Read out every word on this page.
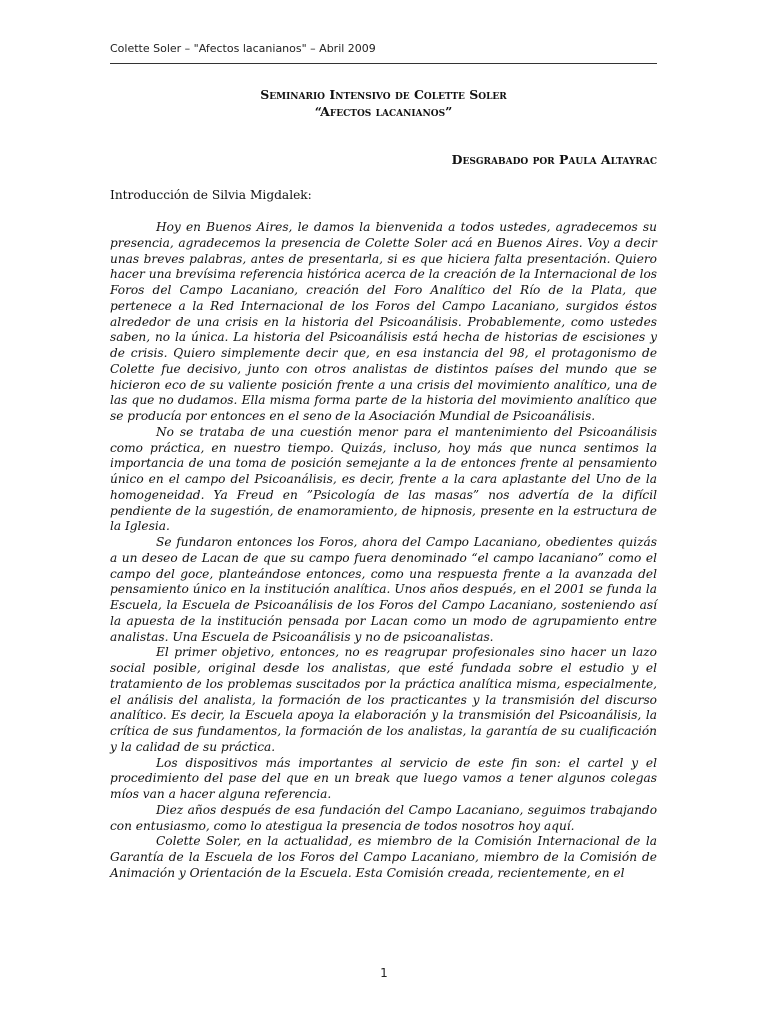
Colette Soler – "Afectos lacanianos" – Abril 2009
Seminario Intensivo de Colette Soler
“Afectos lacanianos”
Desgrabado por Paula Altayrac
Introducción de Silvia Migdalek:

Hoy en Buenos Aires, le damos la bienvenida a todos ustedes, agradecemos su presencia, agradecemos la presencia de Colette Soler acá en Buenos Aires. Voy a decir unas breves palabras, antes de presentarla, si es que hiciera falta presentación. Quiero hacer una brevísima referencia histórica acerca de la creación de la Internacional de los Foros del Campo Lacaniano, creación del Foro Analítico del Río de la Plata, que pertenece a la Red Internacional de los Foros del Campo Lacaniano, surgidos éstos alrededor de una crisis en la historia del Psicoanálisis. Probablemente, como ustedes saben, no la única. La historia del Psicoanálisis está hecha de historias de escisiones y de crisis. Quiero simplemente decir que, en esa instancia del 98, el protagonismo de Colette fue decisivo, junto con otros analistas de distintos países del mundo que se hicieron eco de su valiente posición frente a una crisis del movimiento analítico, una de las que no dudamos. Ella misma forma parte de la historia del movimiento analítico que se producía por entonces en el seno de la Asociación Mundial de Psicoanálisis.

No se trataba de una cuestión menor para el mantenimiento del Psicoanálisis como práctica, en nuestro tiempo. Quizás, incluso, hoy más que nunca sentimos la importancia de una toma de posición semejante a la de entonces frente al pensamiento único en el campo del Psicoanálisis, es decir, frente a la cara aplastante del Uno de la homogeneidad. Ya Freud en ”Psicología de las masas” nos advertía de la difícil pendiente de la sugestión, de enamoramiento, de hipnosis, presente en la estructura de la Iglesia.

Se fundaron entonces los Foros, ahora del Campo Lacaniano, obedientes quizás a un deseo de Lacan de que su campo fuera denominado “el campo lacaniano” como el campo del goce, planteándose entonces, como una respuesta frente a la avanzada del pensamiento único en la institución analítica. Unos años después, en el 2001 se funda la Escuela, la Escuela de Psicoanálisis de los Foros del Campo Lacaniano, sosteniendo así la apuesta de la institución pensada por Lacan como un modo de agrupamiento entre analistas. Una Escuela de Psicoanálisis y no de psicoanalistas.

El primer objetivo, entonces, no es reagrupar profesionales sino hacer un lazo social posible, original desde los analistas, que esté fundada sobre el estudio y el tratamiento de los problemas suscitados por la práctica analítica misma, especialmente, el análisis del analista, la formación de los practicantes y la transmisión del discurso analítico. Es decir, la Escuela apoya la elaboración y la transmisión del Psicoanálisis, la crítica de sus fundamentos, la formación de los analistas, la garantía de su cualificación y la calidad de su práctica.

Los dispositivos más importantes al servicio de este fin son: el cartel y el procedimiento del pase del que en un break que luego vamos a tener algunos colegas míos van a hacer alguna referencia.

Diez años después de esa fundación del Campo Lacaniano, seguimos trabajando con entusiasmo, como lo atestigua la presencia de todos nosotros hoy aquí.

Colette Soler, en la actualidad, es miembro de la Comisión Internacional de la Garantía de la Escuela de los Foros del Campo Lacaniano, miembro de la Comisión de Animación y Orientación de la Escuela. Esta Comisión creada, recientemente, en el

1
